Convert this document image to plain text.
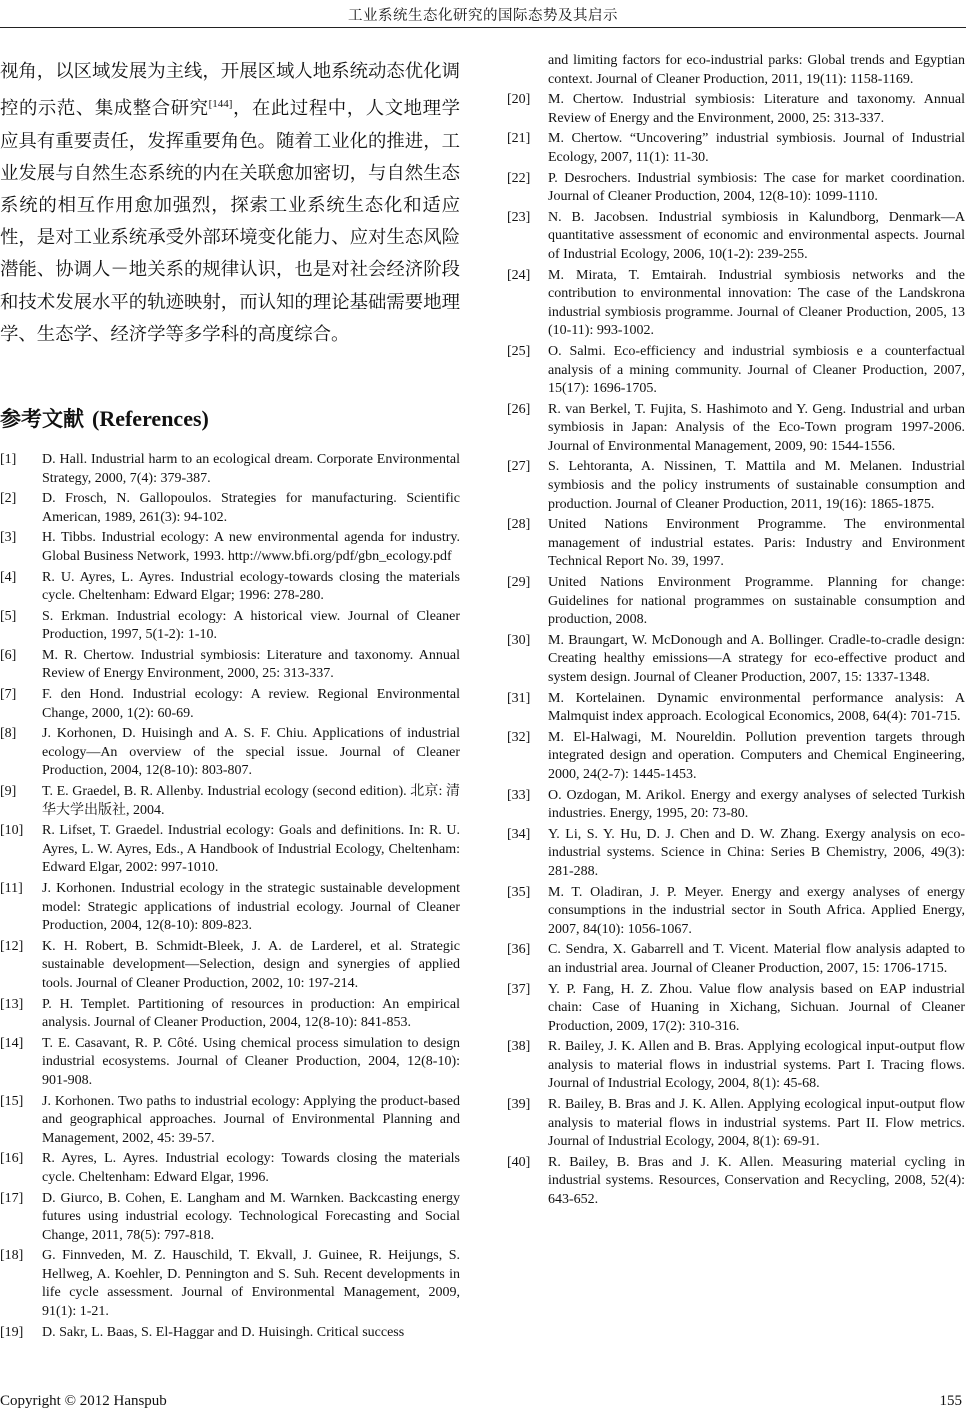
工业系统生态化研究的国际态势及其启示

视角，以区域发展为主线，开展区域人地系统动态优化调控的示范、集成整合研究[144]，在此过程中，人文地理学应具有重要责任，发挥重要角色。随着工业化的推进，工业发展与自然生态系统的内在关联愈加密切，与自然生态系统的相互作用愈加强烈，探索工业系统生态化和适应性，是对工业系统承受外部环境变化能力、应对生态风险潜能、协调人－地关系的规律认识，也是对社会经济阶段和技术发展水平的轨迹映射，而认知的理论基础需要地理学、生态学、经济学等多学科的高度综合。

参考文献 (References)
[1]	D. Hall. Industrial harm to an ecological dream. Corporate Environmental Strategy, 2000, 7(4): 379-387.
[2]	D. Frosch, N. Gallopoulos. Strategies for manufacturing. Scientific American, 1989, 261(3): 94-102.
[3]	H. Tibbs. Industrial ecology: A new environmental agenda for industry. Global Business Network, 1993. http://www.bfi.org/pdf/gbn_ecology.pdf
[4]	R. U. Ayres, L. Ayres. Industrial ecology-towards closing the materials cycle. Cheltenham: Edward Elgar; 1996: 278-280.
[5]	S. Erkman. Industrial ecology: A historical view. Journal of Cleaner Production, 1997, 5(1-2): 1-10.
[6]	M. R. Chertow. Industrial symbiosis: Literature and taxonomy. Annual Review of Energy Environment, 2000, 25: 313-337.
[7]	F. den Hond. Industrial ecology: A review. Regional Environmental Change, 2000, 1(2): 60-69.
[8]	J. Korhonen, D. Huisingh and A. S. F. Chiu. Applications of industrial ecology—An overview of the special issue. Journal of Cleaner Production, 2004, 12(8-10): 803-807.
[9]	T. E. Graedel, B. R. Allenby. Industrial ecology (second edition). 北京: 清华大学出版社, 2004.
[10]	R. Lifset, T. Graedel. Industrial ecology: Goals and definitions. In: R. U. Ayres, L. W. Ayres, Eds., A Handbook of Industrial Ecology, Cheltenham: Edward Elgar, 2002: 997-1010.
[11]	J. Korhonen. Industrial ecology in the strategic sustainable development model: Strategic applications of industrial ecology. Journal of Cleaner Production, 2004, 12(8-10): 809-823.
[12]	K. H. Robert, B. Schmidt-Bleek, J. A. de Larderel, et al. Strategic sustainable development—Selection, design and synergies of applied tools. Journal of Cleaner Production, 2002, 10: 197-214.
[13]	P. H. Templet. Partitioning of resources in production: An empirical analysis. Journal of Cleaner Production, 2004, 12(8-10): 841-853.
[14]	T. E. Casavant, R. P. Côté. Using chemical process simulation to design industrial ecosystems. Journal of Cleaner Production, 2004, 12(8-10): 901-908.
[15]	J. Korhonen. Two paths to industrial ecology: Applying the product-based and geographical approaches. Journal of Environmental Planning and Management, 2002, 45: 39-57.
[16]	R. Ayres, L. Ayres. Industrial ecology: Towards closing the materials cycle. Cheltenham: Edward Elgar, 1996.
[17]	D. Giurco, B. Cohen, E. Langham and M. Warnken. Backcasting energy futures using industrial ecology. Technological Forecasting and Social Change, 2011, 78(5): 797-818.
[18]	G. Finnveden, M. Z. Hauschild, T. Ekvall, J. Guinee, R. Heijungs, S. Hellweg, A. Koehler, D. Pennington and S. Suh. Recent developments in life cycle assessment. Journal of Environmental Management, 2009, 91(1): 1-21.
[19]	D. Sakr, L. Baas, S. El-Haggar and D. Huisingh. Critical success
and limiting factors for eco-industrial parks: Global trends and Egyptian context. Journal of Cleaner Production, 2011, 19(11): 1158-1169.
[20]	M. Chertow. Industrial symbiosis: Literature and taxonomy. Annual Review of Energy and the Environment, 2000, 25: 313-337.
[21]	M. Chertow. “Uncovering” industrial symbiosis. Journal of Industrial Ecology, 2007, 11(1): 11-30.
[22]	P. Desrochers. Industrial symbiosis: The case for market coordination. Journal of Cleaner Production, 2004, 12(8-10): 1099-1110.
[23]	N. B. Jacobsen. Industrial symbiosis in Kalundborg, Denmark—A quantitative assessment of economic and environmental aspects. Journal of Industrial Ecology, 2006, 10(1-2): 239-255.
[24]	M. Mirata, T. Emtairah. Industrial symbiosis networks and the contribution to environmental innovation: The case of the Landskrona industrial symbiosis programme. Journal of Cleaner Production, 2005, 13 (10-11): 993-1002.
[25]	O. Salmi. Eco-efficiency and industrial symbiosis e a counterfactual analysis of a mining community. Journal of Cleaner Production, 2007, 15(17): 1696-1705.
[26]	R. van Berkel, T. Fujita, S. Hashimoto and Y. Geng. Industrial and urban symbiosis in Japan: Analysis of the Eco-Town program 1997-2006. Journal of Environmental Management, 2009, 90: 1544-1556.
[27]	S. Lehtoranta, A. Nissinen, T. Mattila and M. Melanen. Industrial symbiosis and the policy instruments of sustainable consumption and production. Journal of Cleaner Production, 2011, 19(16): 1865-1875.
[28]	United Nations Environment Programme. The environmental management of industrial estates. Paris: Industry and Environment Technical Report No. 39, 1997.
[29]	United Nations Environment Programme. Planning for change: Guidelines for national programmes on sustainable consumption and production, 2008.
[30]	M. Braungart, W. McDonough and A. Bollinger. Cradle-to-cradle design: Creating healthy emissions—A strategy for eco-effective product and system design. Journal of Cleaner Production, 2007, 15: 1337-1348.
[31]	M. Kortelainen. Dynamic environmental performance analysis: A Malmquist index approach. Ecological Economics, 2008, 64(4): 701-715.
[32]	M. El-Halwagi, M. Noureldin. Pollution prevention targets through integrated design and operation. Computers and Chemical Engineering, 2000, 24(2-7): 1445-1453.
[33]	O. Ozdogan, M. Arikol. Energy and exergy analyses of selected Turkish industries. Energy, 1995, 20: 73-80.
[34]	Y. Li, S. Y. Hu, D. J. Chen and D. W. Zhang. Exergy analysis on eco-industrial systems. Science in China: Series B Chemistry, 2006, 49(3): 281-288.
[35]	M. T. Oladiran, J. P. Meyer. Energy and exergy analyses of energy consumptions in the industrial sector in South Africa. Applied Energy, 2007, 84(10): 1056-1067.
[36]	C. Sendra, X. Gabarrell and T. Vicent. Material flow analysis adapted to an industrial area. Journal of Cleaner Production, 2007, 15: 1706-1715.
[37]	Y. P. Fang, H. Z. Zhou. Value flow analysis based on EAP industrial chain: Case of Huaning in Xichang, Sichuan. Journal of Cleaner Production, 2009, 17(2): 310-316.
[38]	R. Bailey, J. K. Allen and B. Bras. Applying ecological input-output flow analysis to material flows in industrial systems. Part I. Tracing flows. Journal of Industrial Ecology, 2004, 8(1): 45-68.
[39]	R. Bailey, B. Bras and J. K. Allen. Applying ecological input-output flow analysis to material flows in industrial systems. Part II. Flow metrics. Journal of Industrial Ecology, 2004, 8(1): 69-91.
[40]	R. Bailey, B. Bras and J. K. Allen. Measuring material cycling in industrial systems. Resources, Conservation and Recycling, 2008, 52(4): 643-652.
Copyright © 2012 Hanspub	155
